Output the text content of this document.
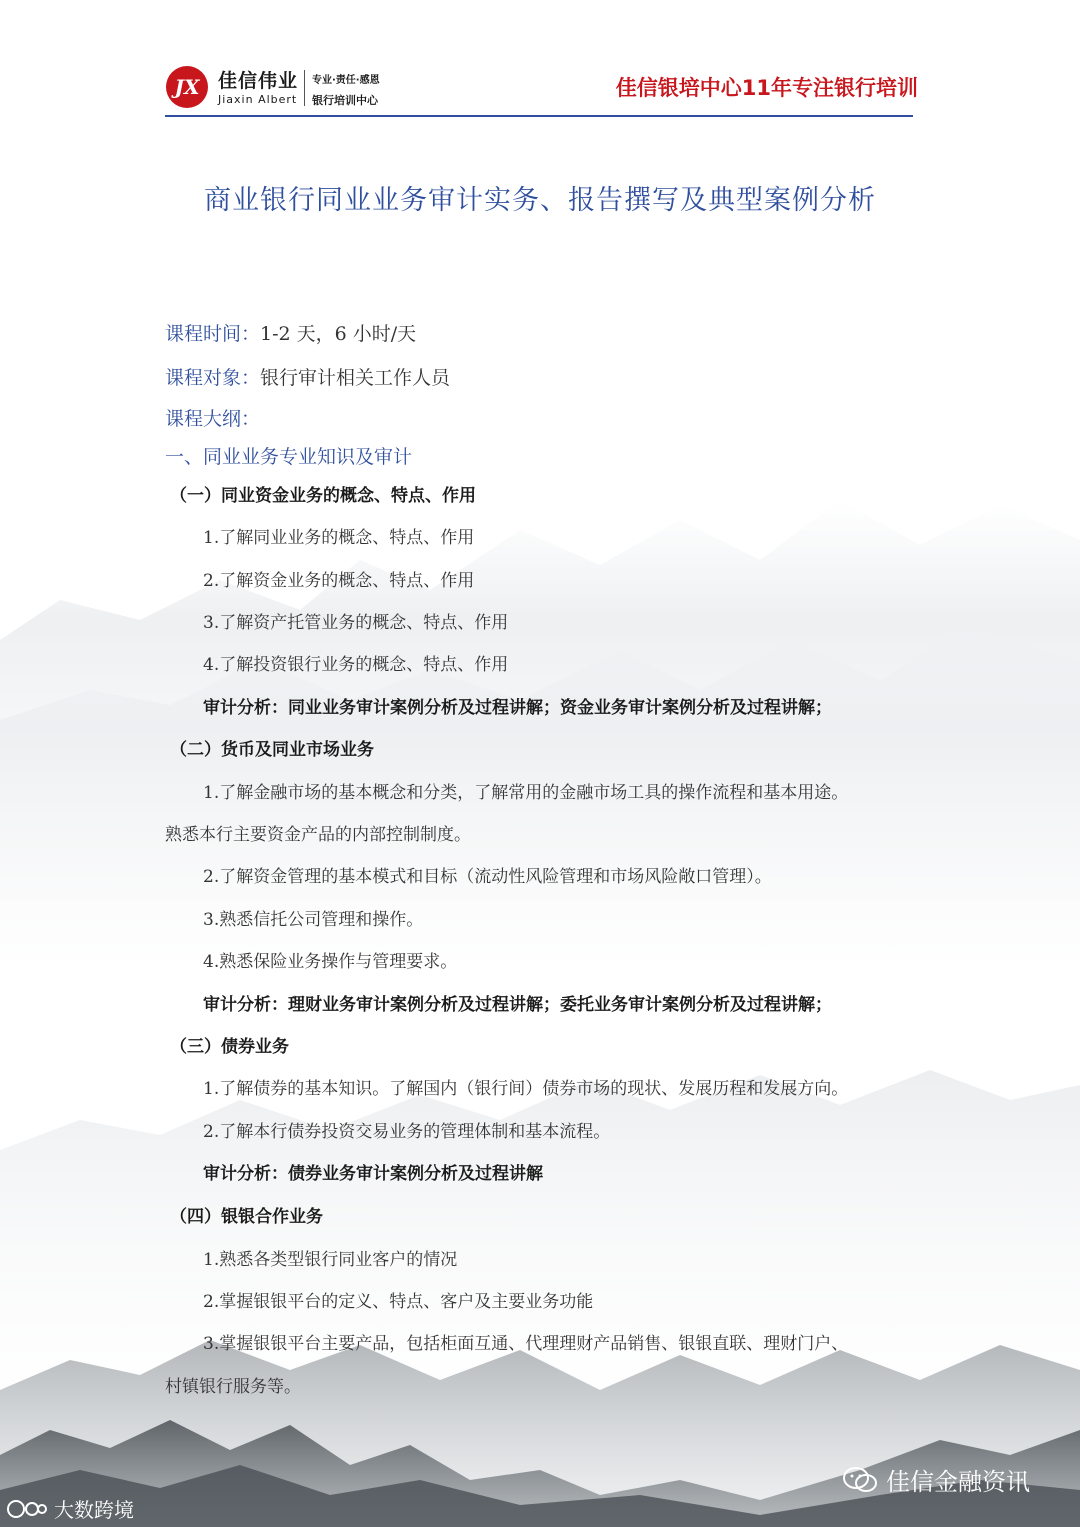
JX 佳信伟业
Jiaxin Albert
专业·责任·感恩
银行培训中心
佳信银培中心11年专注银行培训
商业银行同业业务审计实务、报告撰写及典型案例分析
课程时间：1-2 天，6 小时/天
课程对象：银行审计相关工作人员
课程大纲：
一、同业业务专业知识及审计
（一）同业资金业务的概念、特点、作用
1.了解同业业务的概念、特点、作用
2.了解资金业务的概念、特点、作用
3.了解资产托管业务的概念、特点、作用
4.了解投资银行业务的概念、特点、作用
审计分析：同业业务审计案例分析及过程讲解；资金业务审计案例分析及过程讲解；
（二）货币及同业市场业务
1.了解金融市场的基本概念和分类，了解常用的金融市场工具的操作流程和基本用途。
熟悉本行主要资金产品的内部控制制度。
2.了解资金管理的基本模式和目标（流动性风险管理和市场风险敞口管理）。
3.熟悉信托公司管理和操作。
4.熟悉保险业务操作与管理要求。
审计分析：理财业务审计案例分析及过程讲解；委托业务审计案例分析及过程讲解；
（三）债券业务
1.了解债券的基本知识。了解国内（银行间）债券市场的现状、发展历程和发展方向。
2.了解本行债券投资交易业务的管理体制和基本流程。
审计分析：债券业务审计案例分析及过程讲解
（四）银银合作业务
1.熟悉各类型银行同业客户的情况
2.掌握银银平台的定义、特点、客户及主要业务功能
3.掌握银银平台主要产品，包括柜面互通、代理理财产品销售、银银直联、理财门户、
村镇银行服务等。
大数跨境
佳信金融资讯
